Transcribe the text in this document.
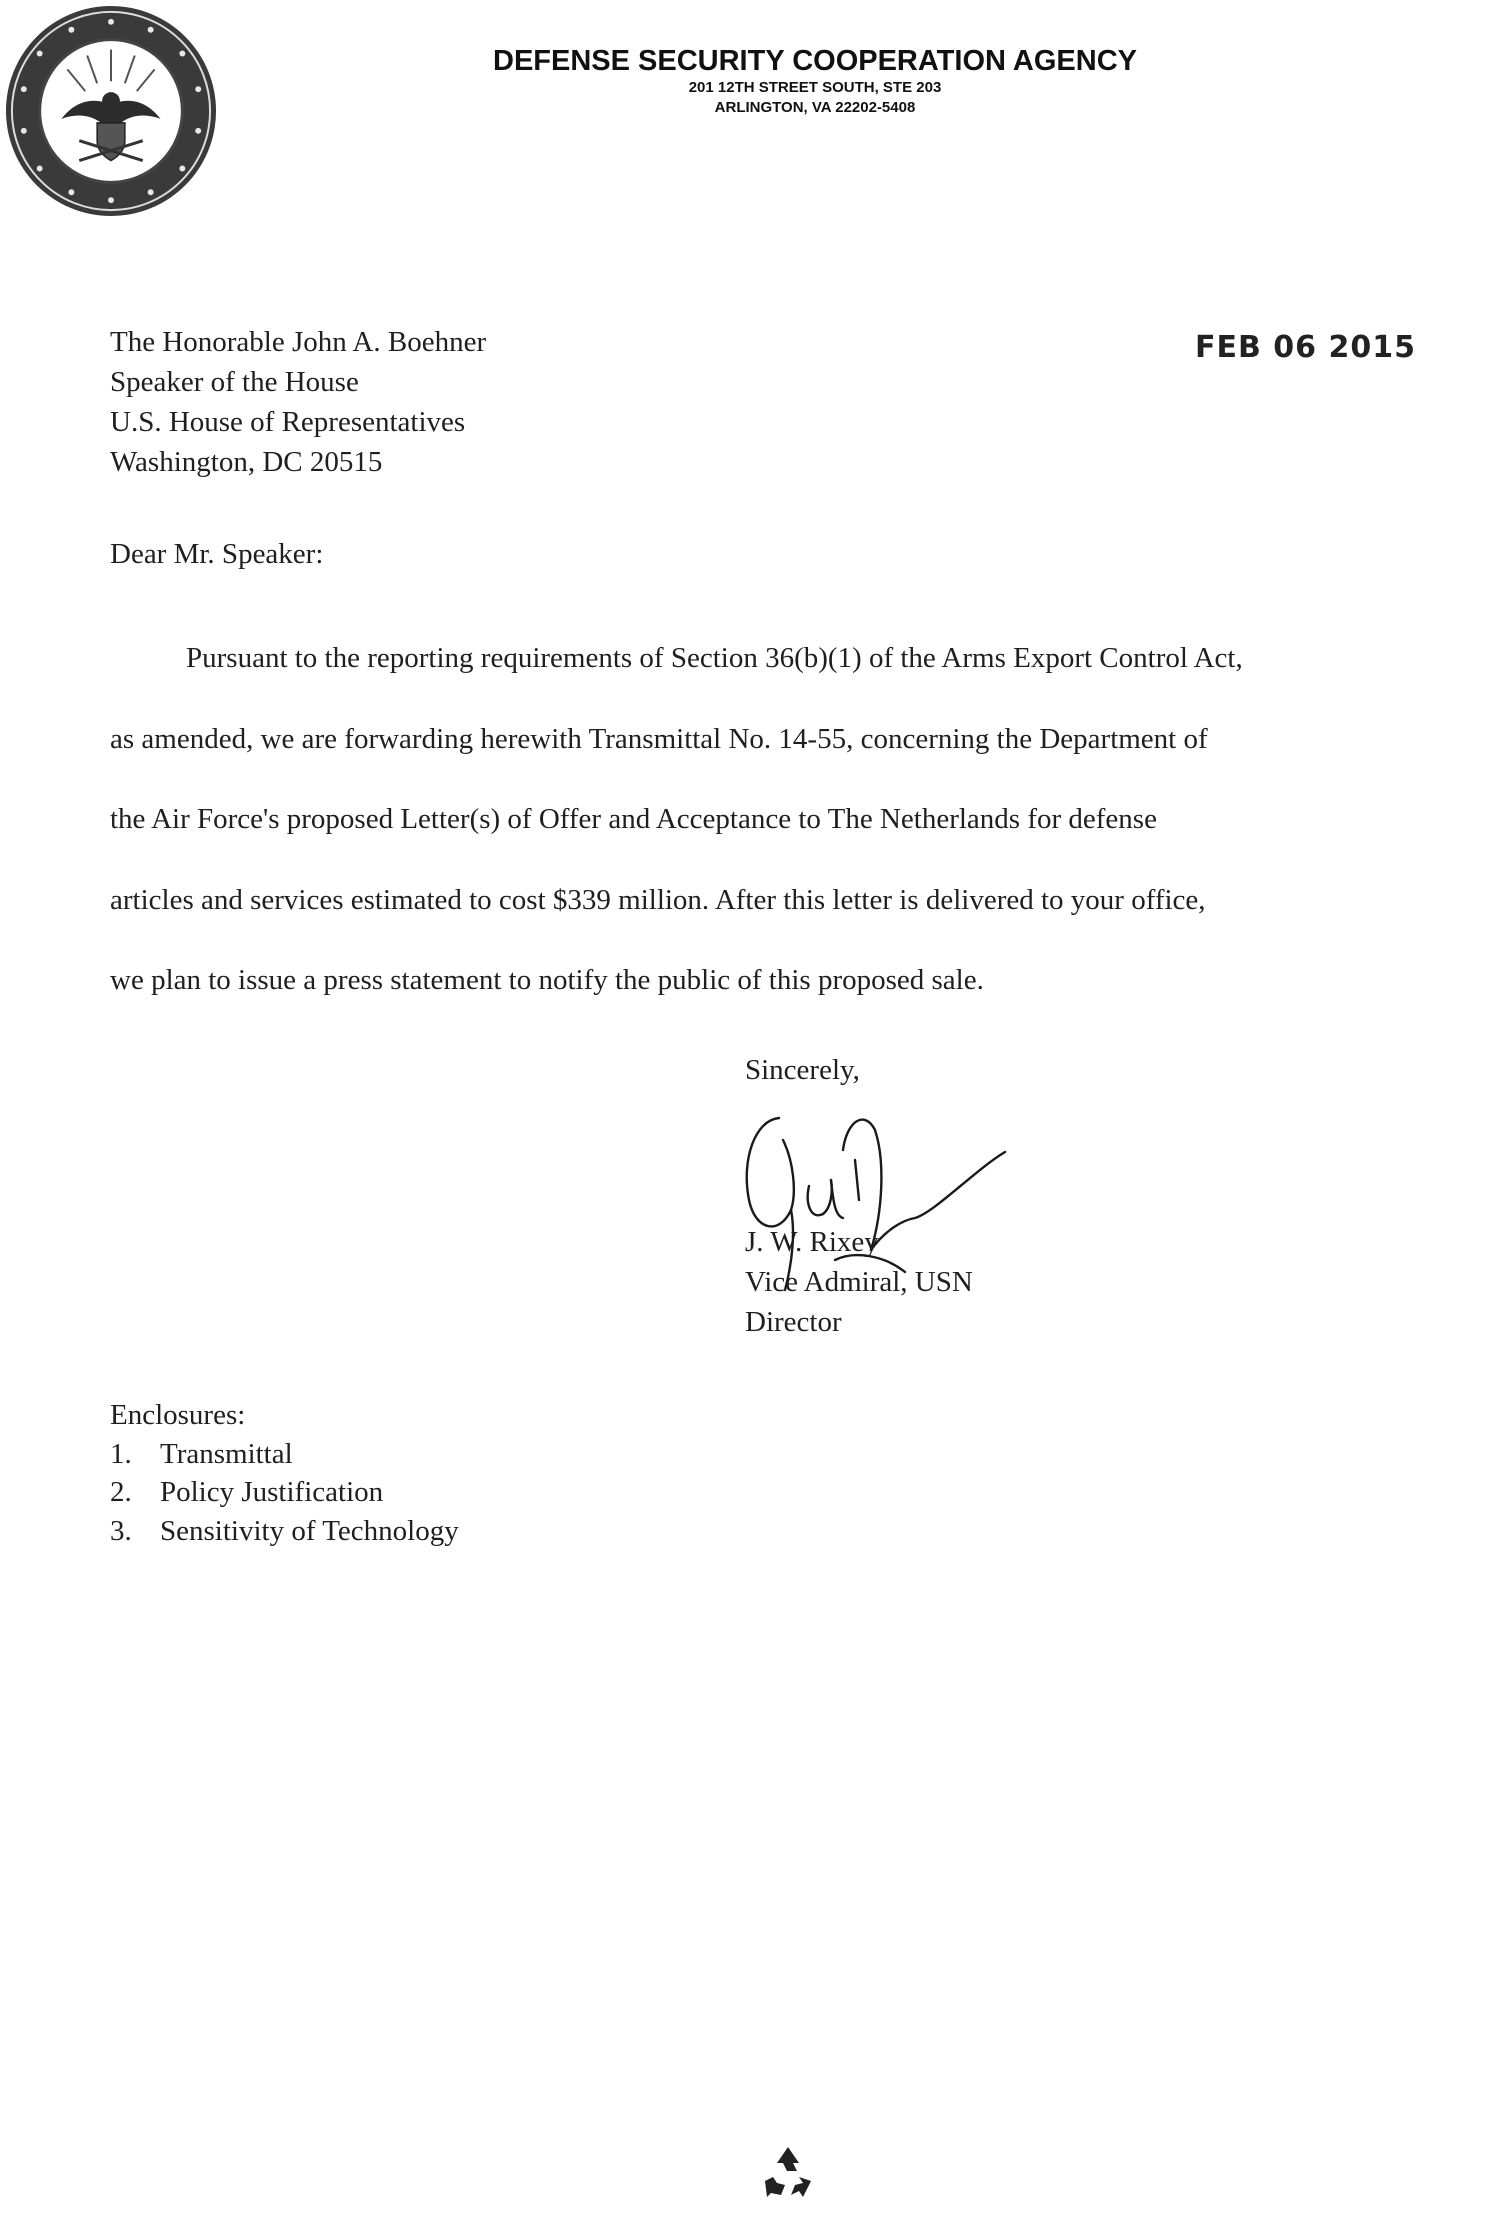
DEFENSE SECURITY COOPERATION AGENCY
201 12TH STREET SOUTH, STE 203
ARLINGTON, VA 22202-5408
The Honorable John A. Boehner
Speaker of the House
U.S. House of Representatives
Washington, DC 20515
FEB 06 2015
Dear Mr. Speaker:
Pursuant to the reporting requirements of Section 36(b)(1) of the Arms Export Control Act,
as amended, we are forwarding herewith Transmittal No. 14-55, concerning the Department of
the Air Force's proposed Letter(s) of Offer and Acceptance to The Netherlands for defense
articles and services estimated to cost $339 million. After this letter is delivered to your office,
we plan to issue a press statement to notify the public of this proposed sale.
Sincerely,
J. W. Rixey
Vice Admiral, USN
Director
Enclosures:
1. Transmittal
2. Policy Justification
3. Sensitivity of Technology
